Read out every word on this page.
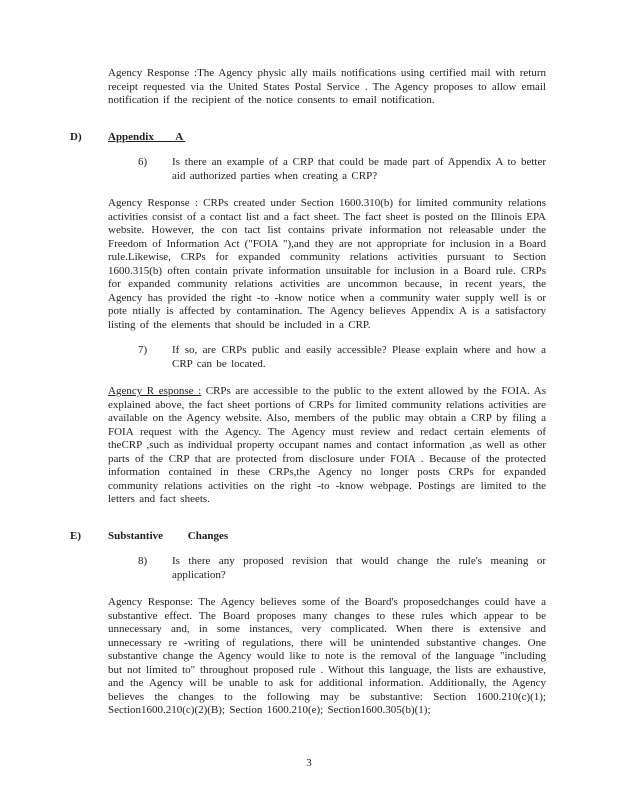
Agency Response :The Agency physic ally mails notifications using certified mail with return receipt requested via the United States Postal Service . The Agency proposes to allow email notification if the recipient of the notice consents to email notification.

D) Appendix        A
6) Is there an example of a CRP that could be made part of Appendix A to better aid authorized parties when creating a CRP?

Agency Response : CRPs created under Section 1600.310(b) for limited community relations activities consist of a contact list and a fact sheet. The fact sheet is posted on the Illinois EPA website. However, the con tact list contains private information not releasable under the Freedom of Information Act ("FOIA "),and they are not appropriate for inclusion in a Board rule.Likewise, CRPs for expanded community relations activities pursuant to Section 1600.315(b) often contain private information unsuitable for inclusion in a Board rule. CRPs for expanded community relations activities are uncommon because, in recent years, the Agency has provided the right -to -know notice when a community water supply well is or pote ntially is affected by contamination. The Agency believes Appendix A is a satisfactory listing of the elements that should be included in a CRP.

7) If so, are CRPs public and easily accessible? Please explain where and how a CRP can be located.

Agency R esponse : CRPs are accessible to the public to the extent allowed by the FOIA. As explained above, the fact sheet portions of CRPs for limited community relations activities are available on the Agency website. Also, members of the public may obtain a CRP by filing a FOIA request with the Agency. The Agency must review and redact certain elements of theCRP ,such as individual property occupant names and contact information ,as well as other parts of the CRP that are protected from disclosure under FOIA . Because of the protected information contained in these CRPs,the Agency no longer posts CRPs for expanded community relations activities on the right -to -know webpage. Postings are limited to the letters and fact sheets.

E) Substantive         Changes
8) Is there any proposed revision that would change the rule's meaning or application?

Agency Response: The Agency believes some of the Board's proposedchanges could have a substantive effect. The Board proposes many changes to these rules which appear to be unnecessary and, in some instances, very complicated. When there is extensive and unnecessary re -writing of regulations, there will be unintended substantive changes. One substantive change the Agency would like to note is the removal of the language "including but not limited to" throughout proposed rule . Without this language, the lists are exhaustive, and the Agency will be unable to ask for additional information. Additionally, the Agency believes the changes to the following may be substantive: Section 1600.210(c)(1); Section1600.210(c)(2)(B); Section 1600.210(e); Section1600.305(b)(1);

3
